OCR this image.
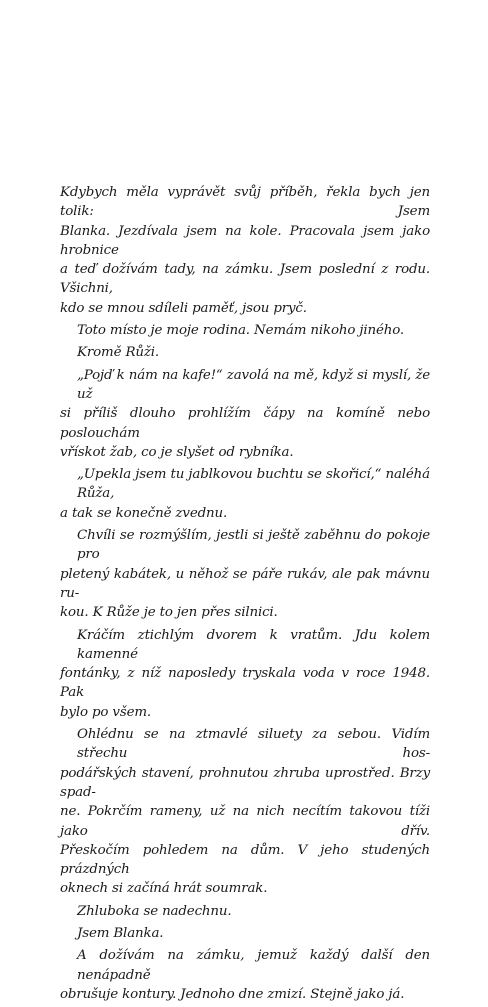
Kdybych měla vyprávět svůj příběh, řekla bych jen tolik: Jsem
Blanka. Jezdívala jsem na kole. Pracovala jsem jako hrobnice
a teď dožívám tady, na zámku. Jsem poslední z rodu. Všichni,
kdo se mnou sdíleli paměť, jsou pryč.
Toto místo je moje rodina. Nemám nikoho jiného.
Kromě Růži.
„Pojď k nám na kafe!“ zavolá na mě, když si myslí, že už
si příliš dlouho prohlížím čápy na komíně nebo poslouchám
vřískot žab, co je slyšet od rybníka.
„Upekla jsem tu jablkovou buchtu se skořicí,“ naléhá Růža,
a tak se konečně zvednu.
Chvíli se rozmýšlím, jestli si ještě zaběhnu do pokoje pro
pletený kabátek, u něhož se páře rukáv, ale pak mávnu ru-
kou. K Růže je to jen přes silnici.
Kráčím ztichlým dvorem k vratům. Jdu kolem kamenné
fontánky, z níž naposledy tryskala voda v roce 1948. Pak
bylo po všem.
Ohlédnu se na ztmavlé siluety za sebou. Vidím střechu hos-
podářských stavení, prohnutou zhruba uprostřed. Brzy spad-
ne. Pokrčím rameny, už na nich necítím takovou tíži jako dřív.
Přeskočím pohledem na dům. V jeho studených prázdných
oknech si začíná hrát soumrak.
Zhluboka se nadechnu.
Jsem Blanka.
A dožívám na zámku, jemuž každý další den nenápadně
obrušuje kontury. Jednoho dne zmizí. Stejně jako já.
